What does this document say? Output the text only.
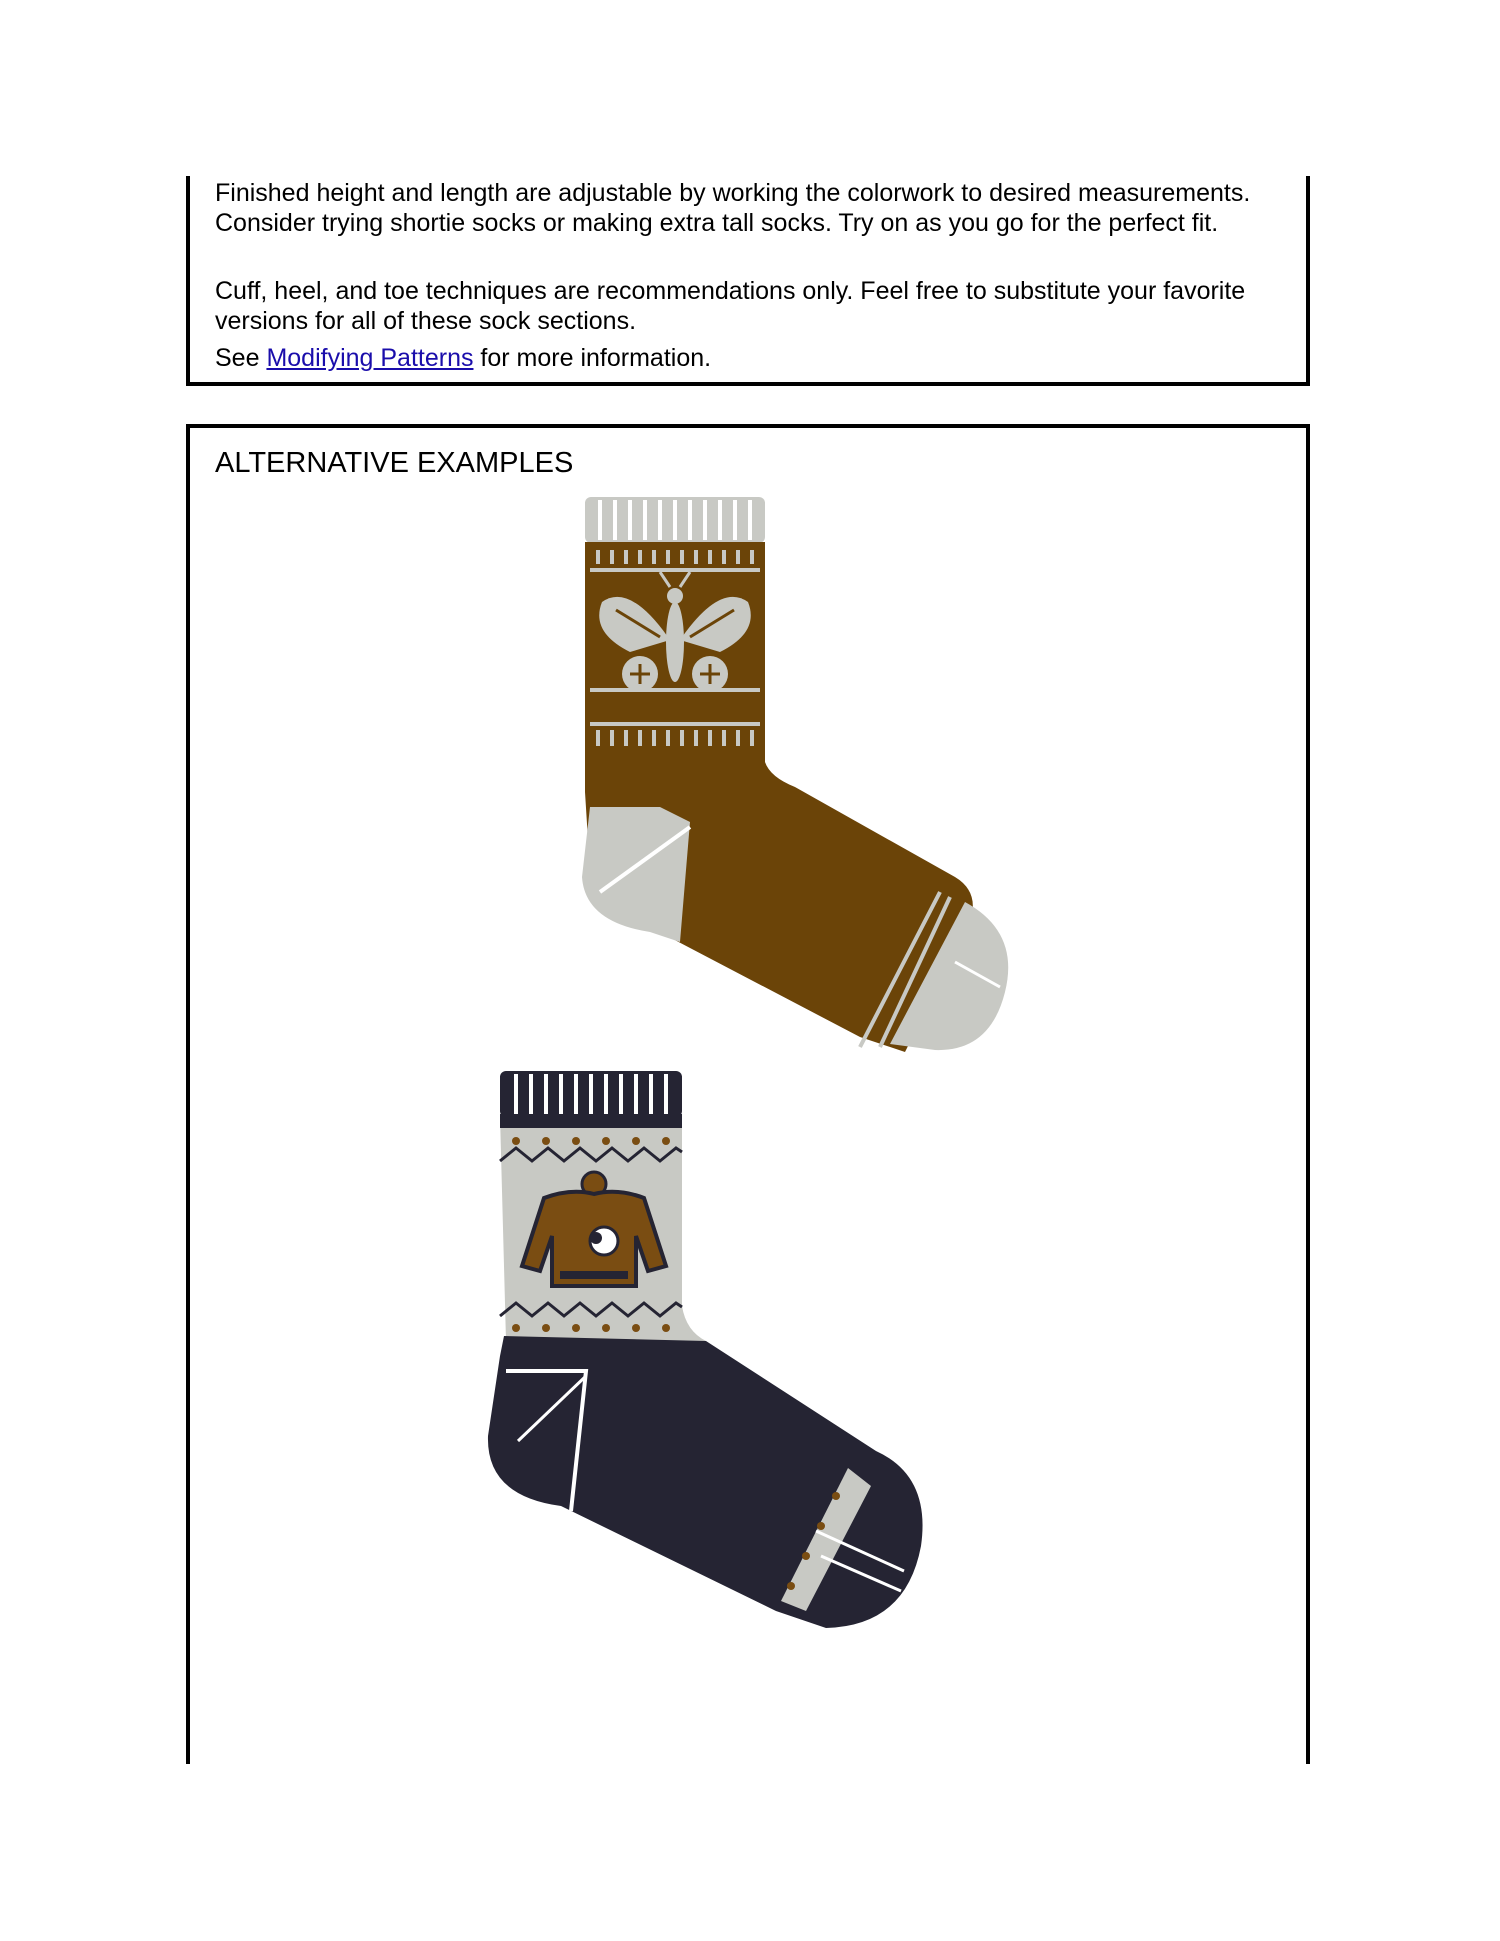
Finished height and length are adjustable by working the colorwork to desired measurements. Consider trying shortie socks or making extra tall socks. Try on as you go for the perfect fit.

Cuff, heel, and toe techniques are recommendations only. Feel free to substitute your favorite versions for all of these sock sections.

See Modifying Patterns for more information.

ALTERNATIVE EXAMPLES
